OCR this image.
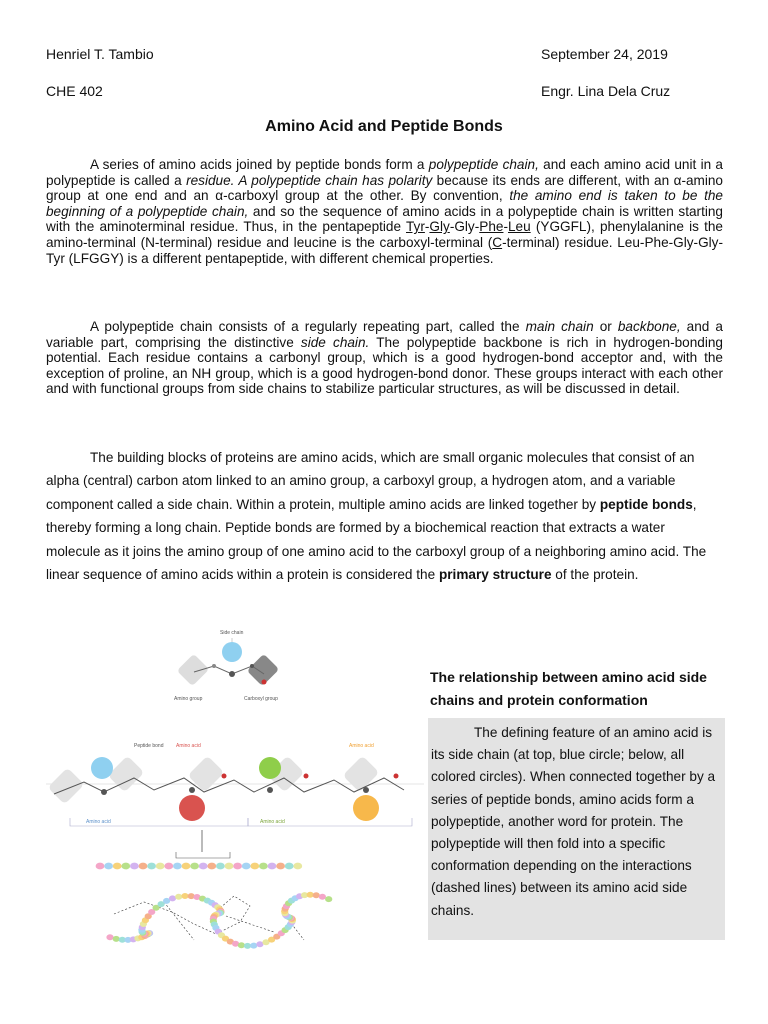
Henriel T. Tambio	September 24, 2019
CHE 402	Engr. Lina Dela Cruz
Amino Acid and Peptide Bonds
A series of amino acids joined by peptide bonds form a polypeptide chain, and each amino acid unit in a polypeptide is called a residue. A polypeptide chain has polarity because its ends are different, with an α-amino group at one end and an α-carboxyl group at the other. By convention, the amino end is taken to be the beginning of a polypeptide chain, and so the sequence of amino acids in a polypeptide chain is written starting with the aminoterminal residue. Thus, in the pentapeptide Tyr-Gly-Gly-Phe-Leu (YGGFL), phenylalanine is the amino-terminal (N-terminal) residue and leucine is the carboxyl-terminal (C-terminal) residue. Leu-Phe-Gly-Gly-Tyr (LFGGY) is a different pentapeptide, with different chemical properties.
A polypeptide chain consists of a regularly repeating part, called the main chain or backbone, and a variable part, comprising the distinctive side chain. The polypeptide backbone is rich in hydrogen-bonding potential. Each residue contains a carbonyl group, which is a good hydrogen-bond acceptor and, with the exception of proline, an NH group, which is a good hydrogen-bond donor. These groups interact with each other and with functional groups from side chains to stabilize particular structures, as will be discussed in detail.
The building blocks of proteins are amino acids, which are small organic molecules that consist of an alpha (central) carbon atom linked to an amino group, a carboxyl group, a hydrogen atom, and a variable component called a side chain. Within a protein, multiple amino acids are linked together by peptide bonds, thereby forming a long chain. Peptide bonds are formed by a biochemical reaction that extracts a water molecule as it joins the amino group of one amino acid to the carboxyl group of a neighboring amino acid. The linear sequence of amino acids within a protein is considered the primary structure of the protein.
Side chain
Amino group	Carboxyl group
Peptide bond	Amino acid	Amino acid
Amino acid	Amino acid
The relationship between amino acid side chains and protein conformation

The defining feature of an amino acid is its side chain (at top, blue circle; below, all colored circles). When connected together by a series of peptide bonds, amino acids form a polypeptide, another word for protein. The polypeptide will then fold into a specific conformation depending on the interactions (dashed lines) between its amino acid side chains.
